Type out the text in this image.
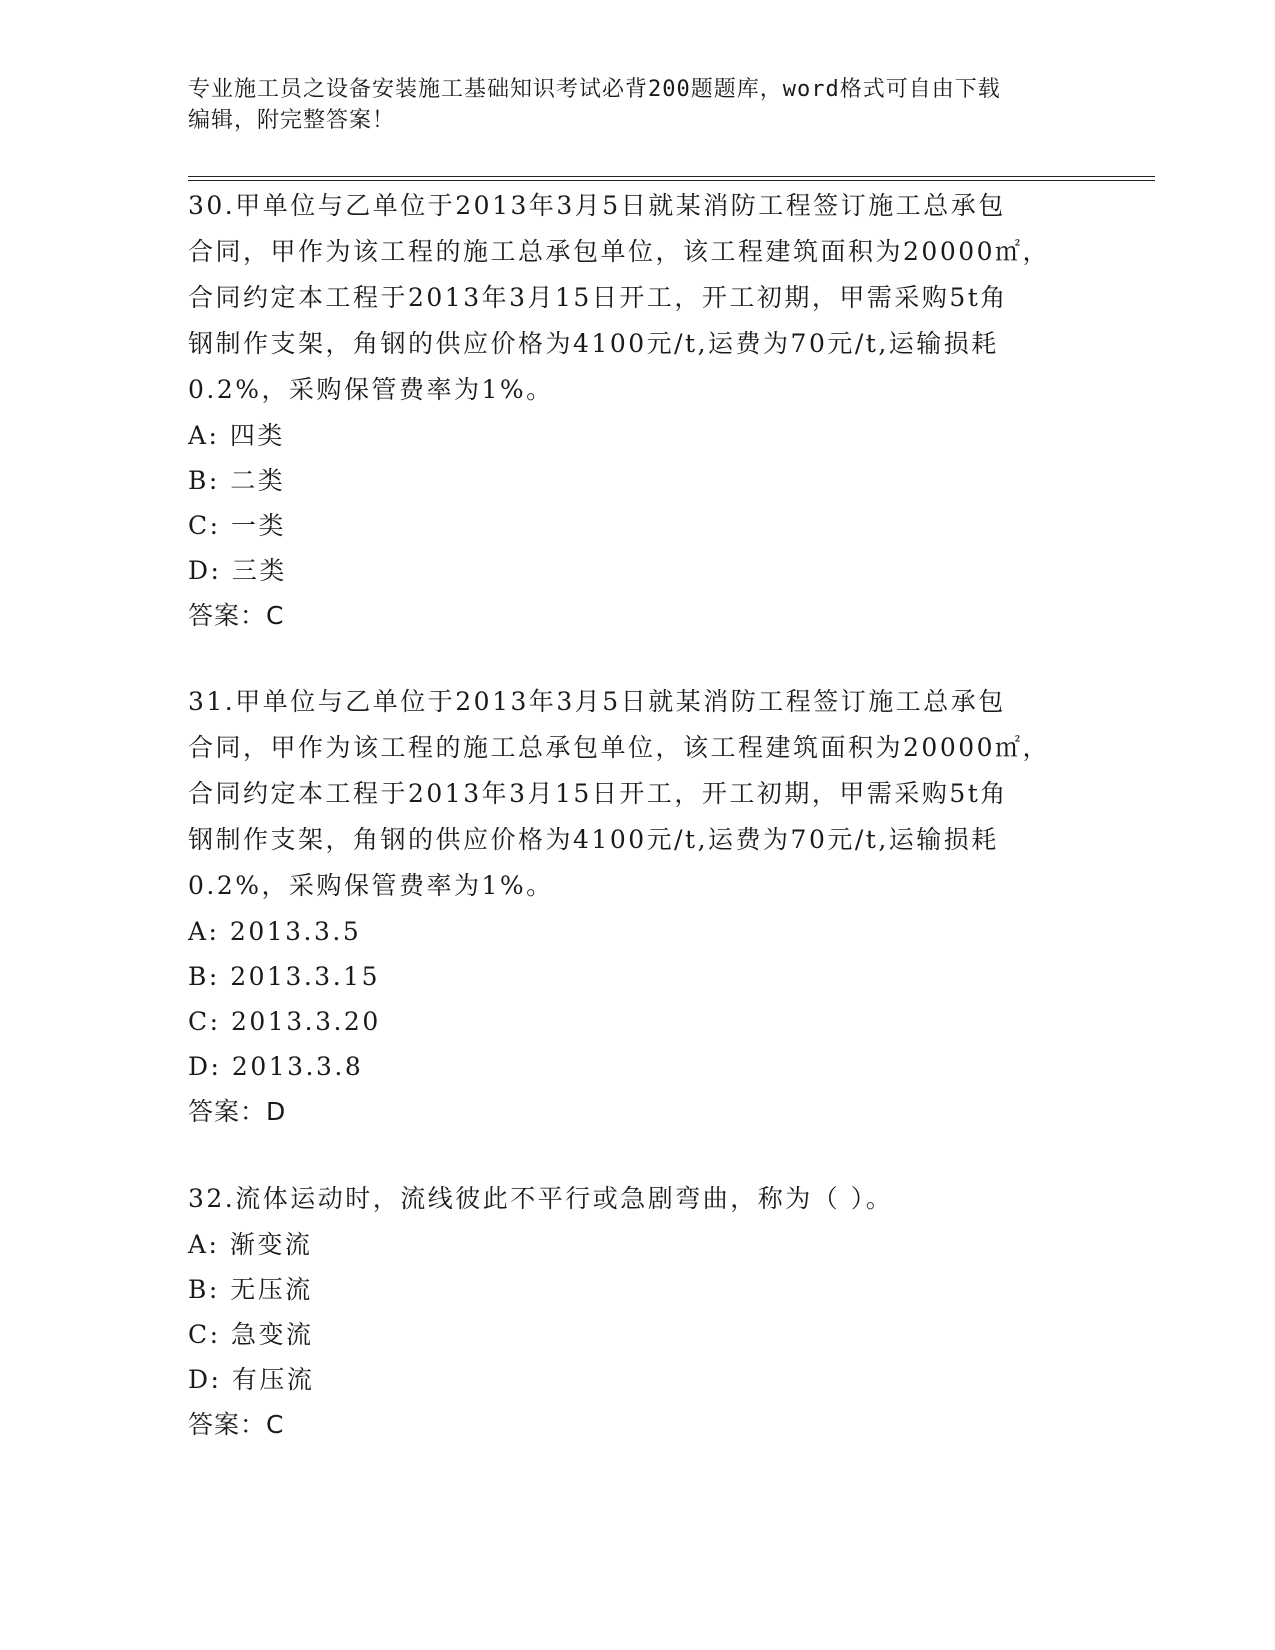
专业施工员之设备安装施工基础知识考试必背200题题库，word格式可自由下载
编辑，附完整答案！

30.甲单位与乙单位于2013年3月5日就某消防工程签订施工总承包
合同，甲作为该工程的施工总承包单位，该工程建筑面积为20000㎡，
合同约定本工程于2013年3月15日开工，开工初期，甲需采购5t角
钢制作支架，角钢的供应价格为4100元/t,运费为70元/t,运输损耗
0.2%，采购保管费率为1%。

A: 四类

B: 二类

C: 一类

D: 三类

答案：C

31.甲单位与乙单位于2013年3月5日就某消防工程签订施工总承包
合同，甲作为该工程的施工总承包单位，该工程建筑面积为20000㎡，
合同约定本工程于2013年3月15日开工，开工初期，甲需采购5t角
钢制作支架，角钢的供应价格为4100元/t,运费为70元/t,运输损耗
0.2%，采购保管费率为1%。

A: 2013.3.5

B: 2013.3.15

C: 2013.3.20

D: 2013.3.8

答案：D

32.流体运动时，流线彼此不平行或急剧弯曲，称为（ ）。

A: 渐变流

B: 无压流

C: 急变流

D: 有压流

答案：C
